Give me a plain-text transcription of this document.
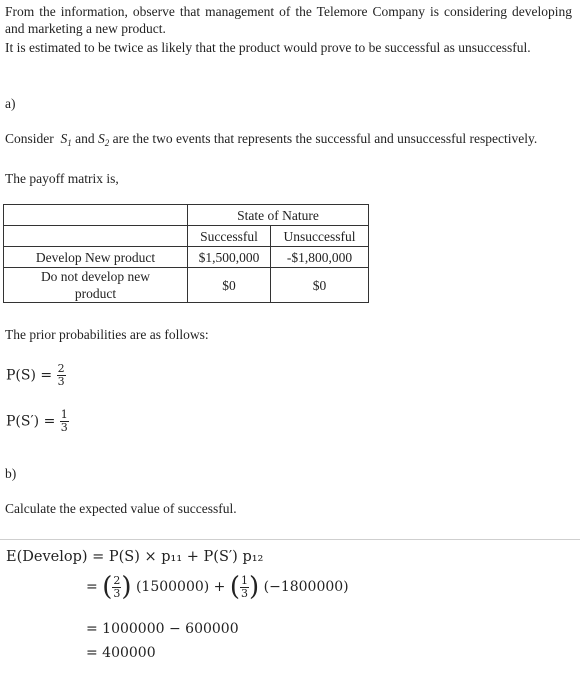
From the information, observe that management of the Telemore Company is considering developing and marketing a new product.

It is estimated to be twice as likely that the product would prove to be successful as unsuccessful.

a)

Consider $S_1$ and $S_2$ are the two events that represents the successful and unsuccessful respectively.

The payoff matrix is,

	State of Nature	
	Successful	Unsuccessful
Develop New product	$1,500,000	-$1,800,000
Do not develop new product	$0	$0

The prior probabilities are as follows:

$P(S) = \frac{2}{3}$
$P(S') = \frac{1}{3}$

b)

Calculate the expected value of successful.

E(Develop) = P(S) × p₁₁ + P(S′) p₁₂
= ( $\frac{2}{3}$ ) (1500000) + ( $\frac{1}{3}$ ) (−1800000)
= 1000000 − 600000
= 400000
